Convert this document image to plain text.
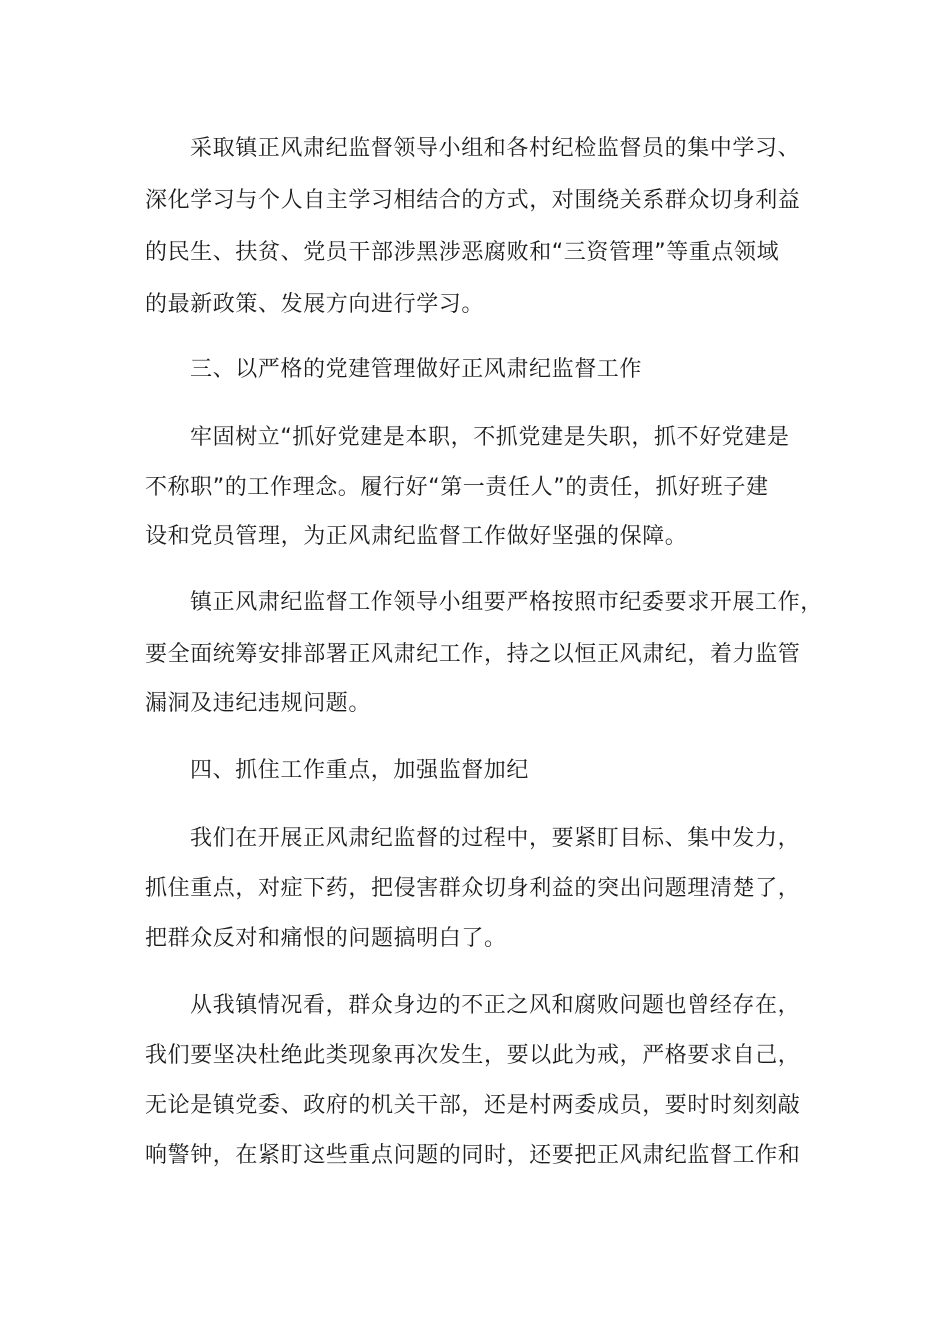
采取镇正风肃纪监督领导小组和各村纪检监督员的集中学习、
深化学习与个人自主学习相结合的方式，对围绕关系群众切身利益
的民生、扶贫、党员干部涉黑涉恶腐败和“三资管理”等重点领域
的最新政策、发展方向进行学习。
三、以严格的党建管理做好正风肃纪监督工作
牢固树立“抓好党建是本职，不抓党建是失职，抓不好党建是
不称职”的工作理念。履行好“第一责任人”的责任，抓好班子建
设和党员管理，为正风肃纪监督工作做好坚强的保障。
镇正风肃纪监督工作领导小组要严格按照市纪委要求开展工作，
要全面统筹安排部署正风肃纪工作，持之以恒正风肃纪，着力监管
漏洞及违纪违规问题。
四、抓住工作重点，加强监督加纪
我们在开展正风肃纪监督的过程中，要紧盯目标、集中发力，
抓住重点，对症下药，把侵害群众切身利益的突出问题理清楚了，
把群众反对和痛恨的问题搞明白了。
从我镇情况看，群众身边的不正之风和腐败问题也曾经存在，
我们要坚决杜绝此类现象再次发生，要以此为戒，严格要求自己，
无论是镇党委、政府的机关干部，还是村两委成员，要时时刻刻敲
响警钟，在紧盯这些重点问题的同时，还要把正风肃纪监督工作和
